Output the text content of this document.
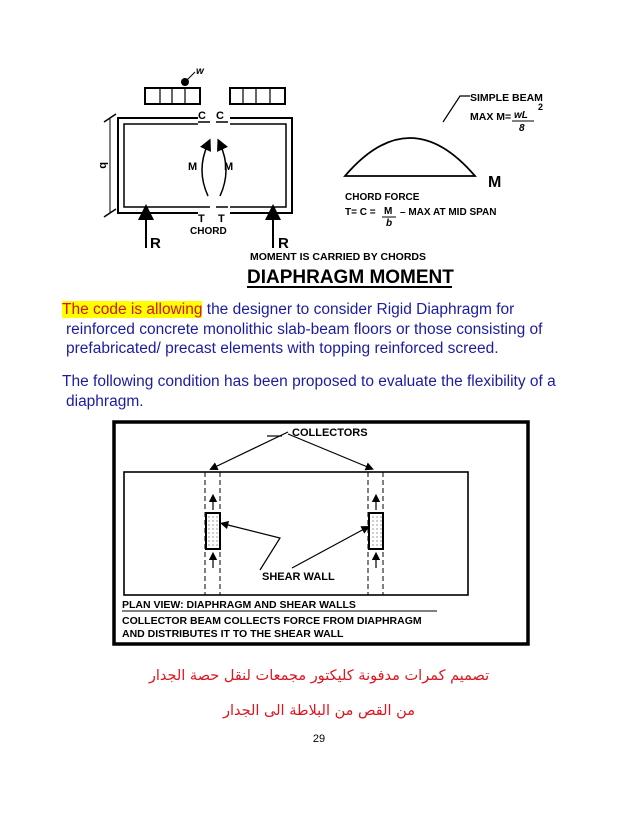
w
b
C C
M M
T T
CHORD
R	R
SIMPLE BEAM
MAX M= wL
2
8
M
CHORD FORCE
T= C = M
b
– MAX AT MID SPAN
MOMENT IS CARRIED BY CHORDS
DIAPHRAGM MOMENT
The code is allowing the designer to consider Rigid Diaphragm for
reinforced concrete monolithic slab-beam floors or those consisting of
prefabricated/ precast elements with topping reinforced screed.
The following condition has been proposed to evaluate the flexibility of a
diaphragm.
COLLECTORS
SHEAR WALL
PLAN VIEW: DIAPHRAGM AND SHEAR WALLS
COLLECTOR BEAM COLLECTS FORCE FROM DIAPHRAGM
AND DISTRIBUTES IT TO THE SHEAR WALL
تصميم كمرات مدفونة كليكتور مجمعات لنقل حصة الجدار
من القص من البلاطة الى الجدار
29
